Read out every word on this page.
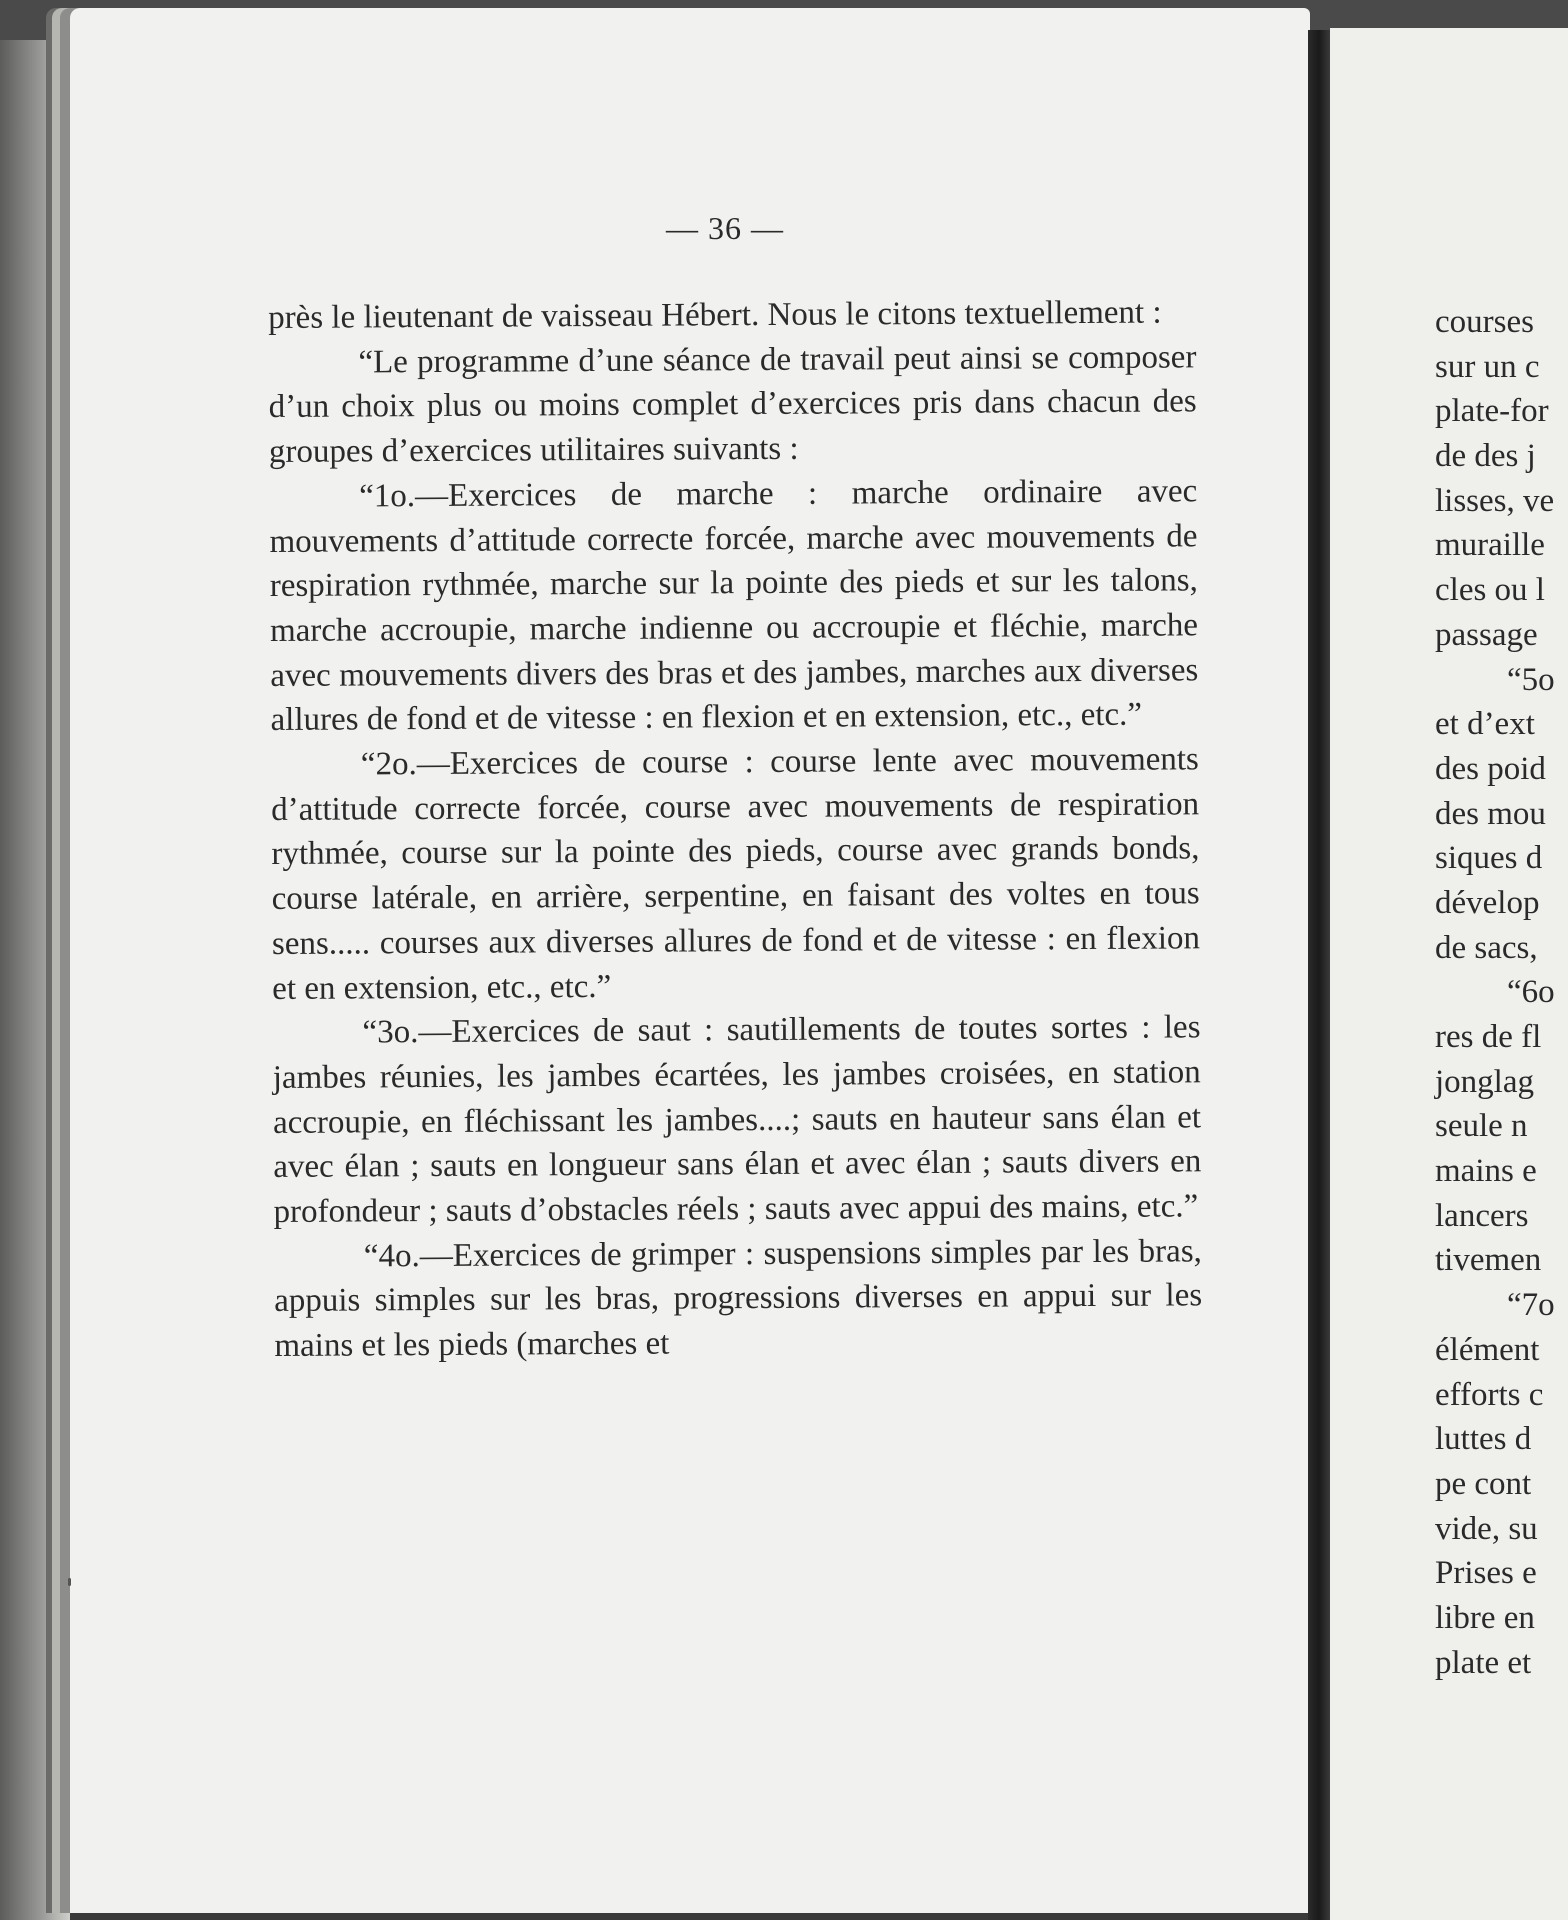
— 36 —

près le lieutenant de vaisseau Hébert. Nous le citons textuellement :

“Le programme d’une séance de travail peut ainsi se composer d’un choix plus ou moins complet d’exercices pris dans chacun des groupes d’exercices utilitaires suivants :

“1o.—Exercices de marche : marche ordinaire avec mouvements d’attitude correcte forcée, marche avec mouvements de respiration rythmée, marche sur la pointe des pieds et sur les talons, marche accroupie, marche indienne ou accroupie et fléchie, marche avec mouvements divers des bras et des jambes, marches aux diverses allures de fond et de vitesse : en flexion et en extension, etc., etc.”

“2o.—Exercices de course : course lente avec mouvements d’attitude correcte forcée, course avec mouvements de respiration rythmée, course sur la pointe des pieds, course avec grands bonds, course latérale, en arrière, serpentine, en faisant des voltes en tous sens..... courses aux diverses allures de fond et de vitesse : en flexion et en extension, etc., etc.”

“3o.—Exercices de saut : sautillements de toutes sortes : les jambes réunies, les jambes écartées, les jambes croisées, en station accroupie, en fléchissant les jambes....; sauts en hauteur sans élan et avec élan ; sauts en longueur sans élan et avec élan ; sauts divers en profondeur ; sauts d’obstacles réels ; sauts avec appui des mains, etc.”

“4o.—Exercices de grimper : suspensions simples par les bras, appuis simples sur les bras, progressions diverses en appui sur les mains et les pieds (marches et

courses
sur un c
plate-for
de des j
lisses, ve
muraille
cles ou l
passage
“5o
et d’ext
des poid
des mou
siques d
dévelop
de sacs,
“6o
res de fl
jonglag
seule n
mains e
lancers
tivemen
“7o
élément
efforts c
luttes d
pe cont
vide, su
Prises e
libre en
plate et
